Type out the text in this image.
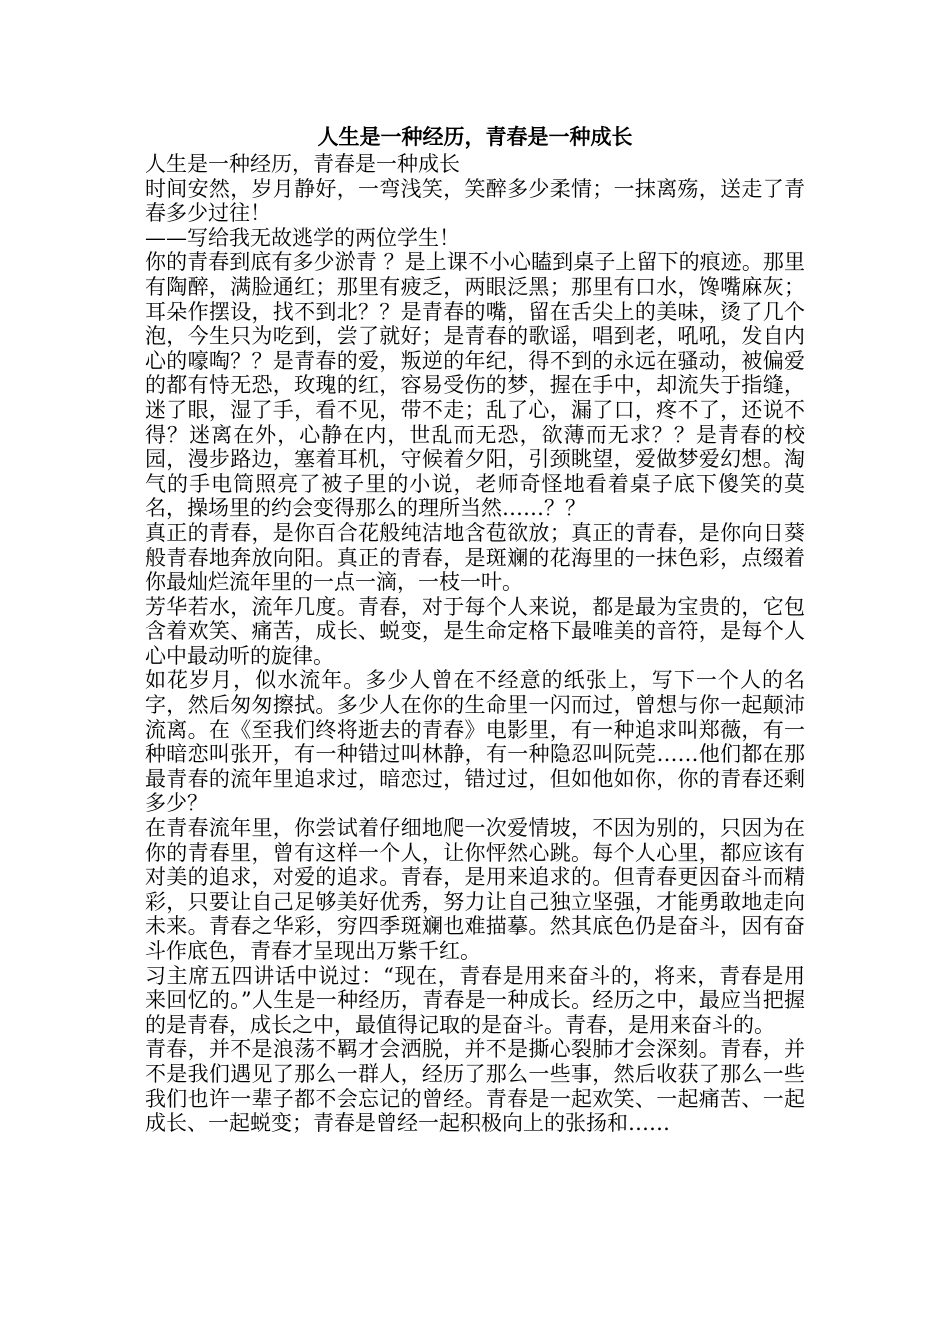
人生是一种经历，青春是一种成长

人生是一种经历，青春是一种成长

时间安然，岁月静好，一弯浅笑，笑醉多少柔情；一抹离殇，送走了青春多少过往！

——写给我无故逃学的两位学生！

你的青春到底有多少淤青 ？是上课不小心瞌到桌子上留下的痕迹。那里有陶醉，满脸通红；那里有疲乏，两眼泛黑；那里有口水，馋嘴麻灰；耳朵作摆设，找不到北？？是青春的嘴，留在舌尖上的美味，烫了几个泡，今生只为吃到，尝了就好；是青春的歌谣，唱到老，吼吼，发自内心的嚎啕？？是青春的爱，叛逆的年纪，得不到的永远在骚动，被偏爱的都有恃无恐，玫瑰的红，容易受伤的梦，握在手中，却流失于指缝，迷了眼，湿了手，看不见，带不走；乱了心，漏了口，疼不了，还说不得？迷离在外，心静在内，世乱而无恐，欲薄而无求？？是青春的校园，漫步路边，塞着耳机，守候着夕阳，引颈眺望，爱做梦爱幻想。淘气的手电筒照亮了被子里的小说，老师奇怪地看着桌子底下傻笑的莫名，操场里的约会变得那么的理所当然……？？

真正的青春，是你百合花般纯洁地含苞欲放；真正的青春，是你向日葵般青春地奔放向阳。真正的青春，是斑斓的花海里的一抹色彩，点缀着你最灿烂流年里的一点一滴，一枝一叶。

芳华若水，流年几度。青春，对于每个人来说，都是最为宝贵的，它包含着欢笑、痛苦，成长、蜕变，是生命定格下最唯美的音符，是每个人心中最动听的旋律。

如花岁月，似水流年。多少人曾在不经意的纸张上，写下一个人的名字，然后匆匆擦拭。多少人在你的生命里一闪而过，曾想与你一起颠沛流离。在《至我们终将逝去的青春》电影里，有一种追求叫郑薇，有一种暗恋叫张开，有一种错过叫林静，有一种隐忍叫阮莞……他们都在那最青春的流年里追求过，暗恋过，错过过，但如他如你，你的青春还剩多少？

在青春流年里，你尝试着仔细地爬一次爱情坡，不因为别的，只因为在你的青春里，曾有这样一个人，让你怦然心跳。每个人心里，都应该有对美的追求，对爱的追求。青春，是用来追求的。但青春更因奋斗而精彩，只要让自己足够美好优秀，努力让自己独立坚强，才能勇敢地走向未来。青春之华彩，穷四季斑斓也难描摹。然其底色仍是奋斗，因有奋斗作底色，青春才呈现出万紫千红。

习主席五四讲话中说过：“现在，青春是用来奋斗的，将来，青春是用来回忆的。”人生是一种经历，青春是一种成长。经历之中，最应当把握的是青春，成长之中，最值得记取的是奋斗。青春，是用来奋斗的。

青春，并不是浪荡不羁才会洒脱，并不是撕心裂肺才会深刻。青春，并不是我们遇见了那么一群人，经历了那么一些事，然后收获了那么一些我们也许一辈子都不会忘记的曾经。青春是一起欢笑、一起痛苦、一起成长、一起蜕变；青春是曾经一起积极向上的张扬和……
